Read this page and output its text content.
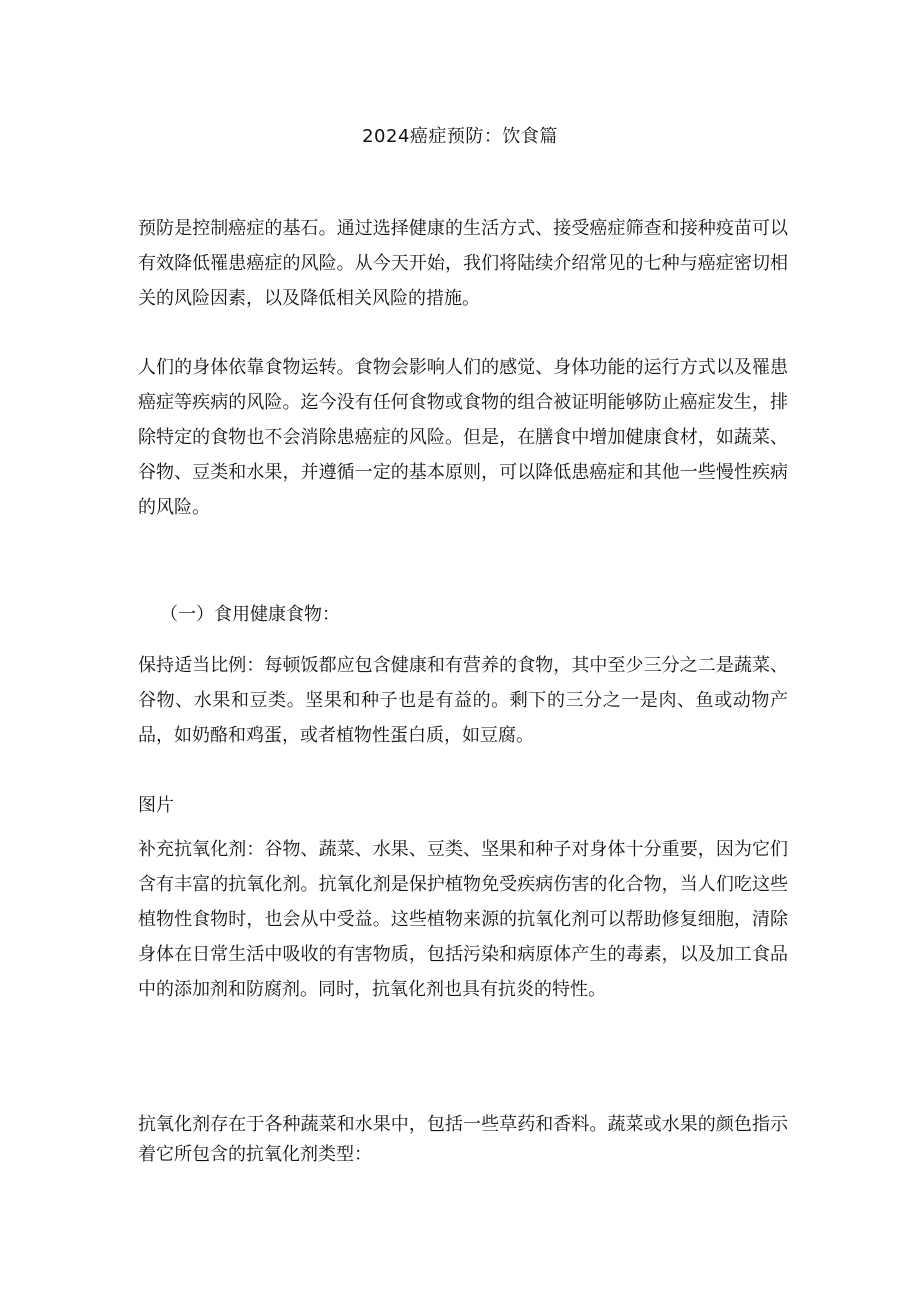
2024癌症预防：饮食篇
预防是控制癌症的基石。通过选择健康的生活方式、接受癌症筛查和接种疫苗可以有效降低罹患癌症的风险。从今天开始，我们将陆续介绍常见的七种与癌症密切相关的风险因素，以及降低相关风险的措施。
人们的身体依靠食物运转。食物会影响人们的感觉、身体功能的运行方式以及罹患癌症等疾病的风险。迄今没有任何食物或食物的组合被证明能够防止癌症发生，排除特定的食物也不会消除患癌症的风险。但是，在膳食中增加健康食材，如蔬菜、谷物、豆类和水果，并遵循一定的基本原则，可以降低患癌症和其他一些慢性疾病的风险。
（一）食用健康食物：
保持适当比例：每顿饭都应包含健康和有营养的食物，其中至少三分之二是蔬菜、谷物、水果和豆类。坚果和种子也是有益的。剩下的三分之一是肉、鱼或动物产品，如奶酪和鸡蛋，或者植物性蛋白质，如豆腐。
图片
补充抗氧化剂：谷物、蔬菜、水果、豆类、坚果和种子对身体十分重要，因为它们含有丰富的抗氧化剂。抗氧化剂是保护植物免受疾病伤害的化合物，当人们吃这些植物性食物时，也会从中受益。这些植物来源的抗氧化剂可以帮助修复细胞，清除身体在日常生活中吸收的有害物质，包括污染和病原体产生的毒素，以及加工食品中的添加剂和防腐剂。同时，抗氧化剂也具有抗炎的特性。
抗氧化剂存在于各种蔬菜和水果中，包括一些草药和香料。蔬菜或水果的颜色指示着它所包含的抗氧化剂类型：
